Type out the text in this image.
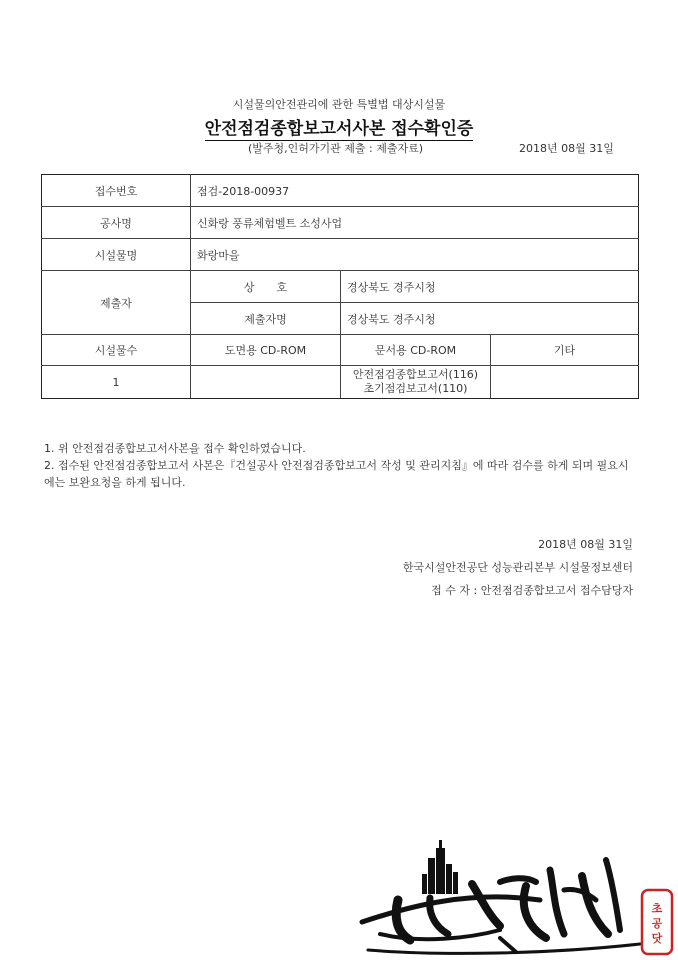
시설물의안전관리에 관한 특별법 대상시설물
안전점검종합보고서사본 접수확인증
(발주청,인허가기관 제출 : 제출자료)	2018년 08월 31일
접수번호	점검-2018-00937		
공사명	신화랑 풍류체험벨트 소성사업		
시설물명	화랑마을		
제출자	상　　호	경상북도 경주시청	
	제출자명	경상북도 경주시청	
시설물수	도면용 CD-ROM	문서용 CD-ROM	기타
1		안전점검종합보고서(116)
초기점검보고서(110)	

1. 위 안전점검종합보고서사본을 접수 확인하였습니다.
2. 접수된 안전점검종합보고서 사본은『건설공사 안전점검종합보고서 작성 및 관리지침』에 따라 검수를 하게 되며 필요시에는 보완요청을 하게 됩니다.
2018년 08월 31일
한국시설안전공단 성능관리본부 시설물정보센터
접 수 자 : 안전점검종합보고서 접수담당자
초공닷컴	초
공
닷
